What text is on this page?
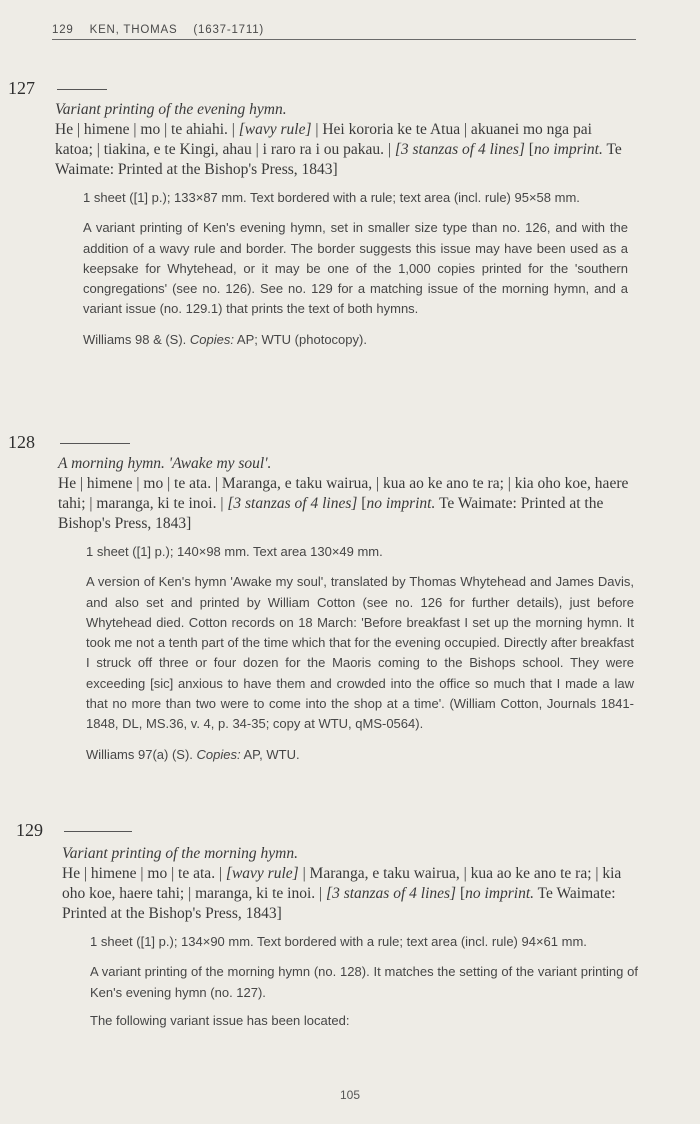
129 KEN, THOMAS (1637-1711)
127
Variant printing of the evening hymn.
He | himene | mo | te ahiahi. | [wavy rule] | Hei kororia ke te Atua | akuanei mo nga pai katoa; | tiakina, e te Kingi, ahau | i raro ra i ou pakau. | [3 stanzas of 4 lines] [no imprint. Te Waimate: Printed at the Bishop's Press, 1843]
1 sheet ([1] p.); 133×87 mm. Text bordered with a rule; text area (incl. rule) 95×58 mm.
A variant printing of Ken's evening hymn, set in smaller size type than no. 126, and with the addition of a wavy rule and border. The border suggests this issue may have been used as a keepsake for Whytehead, or it may be one of the 1,000 copies printed for the 'southern congregations' (see no. 126). See no. 129 for a matching issue of the morning hymn, and a variant issue (no. 129.1) that prints the text of both hymns.
Williams 98 & (S). Copies: AP; WTU (photocopy).
128
A morning hymn. 'Awake my soul'.
He | himene | mo | te ata. | Maranga, e taku wairua, | kua ao ke ano te ra; | kia oho koe, haere tahi; | maranga, ki te inoi. | [3 stanzas of 4 lines] [no imprint. Te Waimate: Printed at the Bishop's Press, 1843]
1 sheet ([1] p.); 140×98 mm. Text area 130×49 mm.
A version of Ken's hymn 'Awake my soul', translated by Thomas Whytehead and James Davis, and also set and printed by William Cotton (see no. 126 for further details), just before Whytehead died. Cotton records on 18 March: 'Before breakfast I set up the morning hymn. It took me not a tenth part of the time which that for the evening occupied. Directly after breakfast I struck off three or four dozen for the Maoris coming to the Bishops school. They were exceeding [sic] anxious to have them and crowded into the office so much that I made a law that no more than two were to come into the shop at a time'. (William Cotton, Journals 1841-1848, DL, MS.36, v. 4, p. 34-35; copy at WTU, qMS-0564).
Williams 97(a) (S). Copies: AP, WTU.
129
Variant printing of the morning hymn.
He | himene | mo | te ata. | [wavy rule] | Maranga, e taku wairua, | kua ao ke ano te ra; | kia oho koe, haere tahi; | maranga, ki te inoi. | [3 stanzas of 4 lines] [no imprint. Te Waimate: Printed at the Bishop's Press, 1843]
1 sheet ([1] p.); 134×90 mm. Text bordered with a rule; text area (incl. rule) 94×61 mm.
A variant printing of the morning hymn (no. 128). It matches the setting of the variant printing of Ken's evening hymn (no. 127).
The following variant issue has been located:
105
